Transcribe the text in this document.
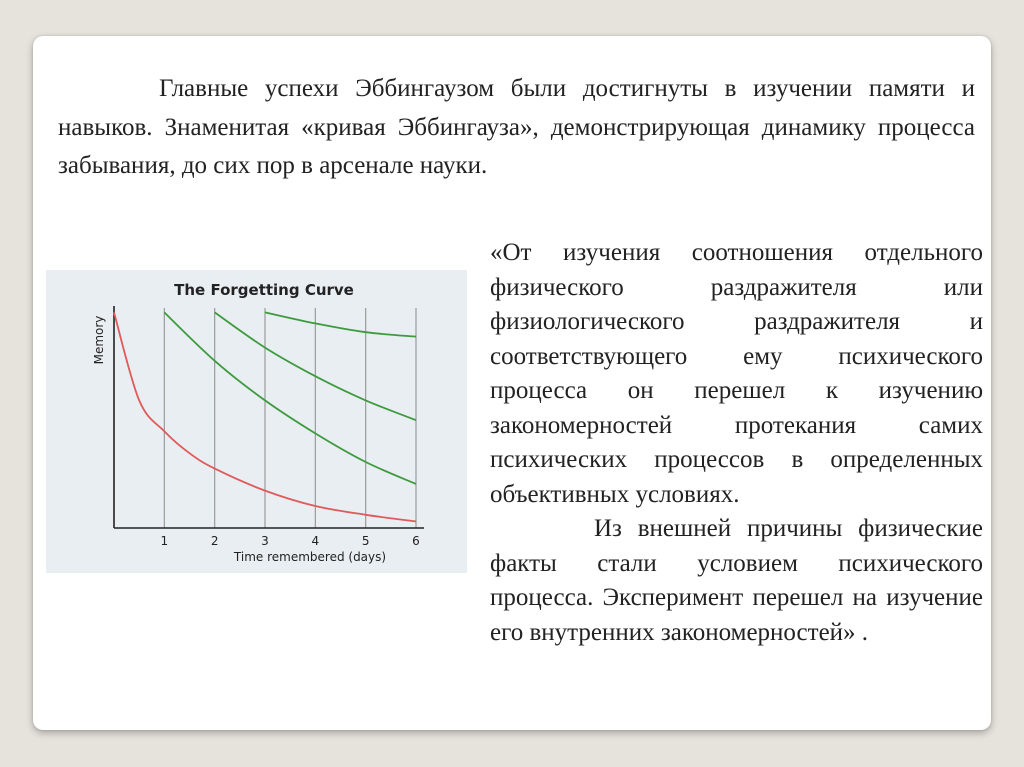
Главные успехи Эббингаузом были достигнуты в изучении памяти и навыков. Знаменитая «кривая Эббингауза», демонстрирующая динамику процесса забывания, до сих пор в арсенале науки.

The Forgetting Curve
Memory
Time remembered (days)
1	2	3	4	5	6

«От изучения соотношения отдельного физического раздражителя или физиологического раздражителя и соответствующего ему психического процесса он перешел к изучению закономерностей протекания самих психических процессов в определенных объективных условиях.

Из внешней причины физические факты стали условием психического процесса. Эксперимент перешел на изучение его внутренних закономерностей» .
